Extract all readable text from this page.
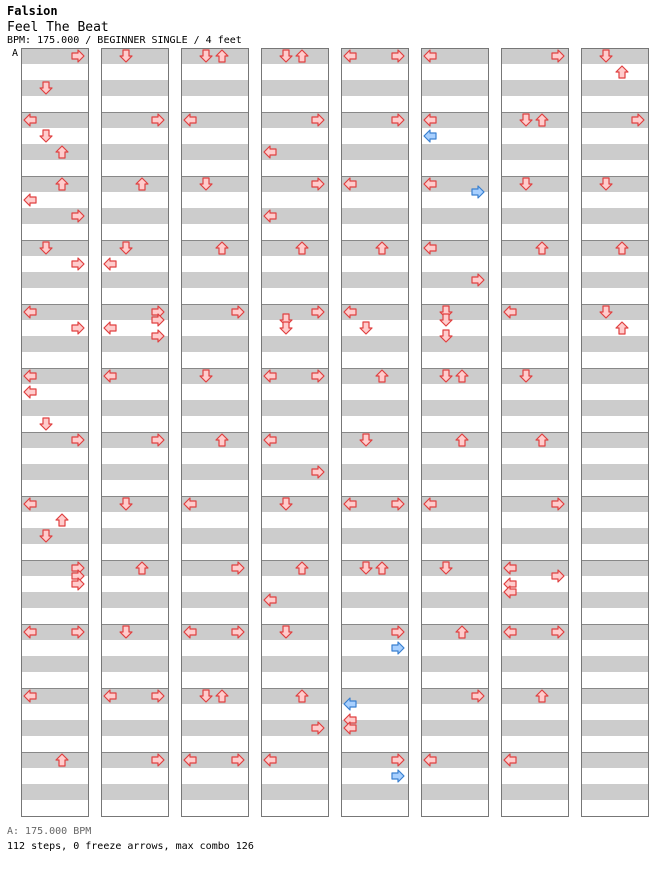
Falsion
Feel The Beat
BPM: 175.000 / BEGINNER SINGLE / 4 feet
A
A: 175.000 BPM
112 steps, 0 freeze arrows, max combo 126
